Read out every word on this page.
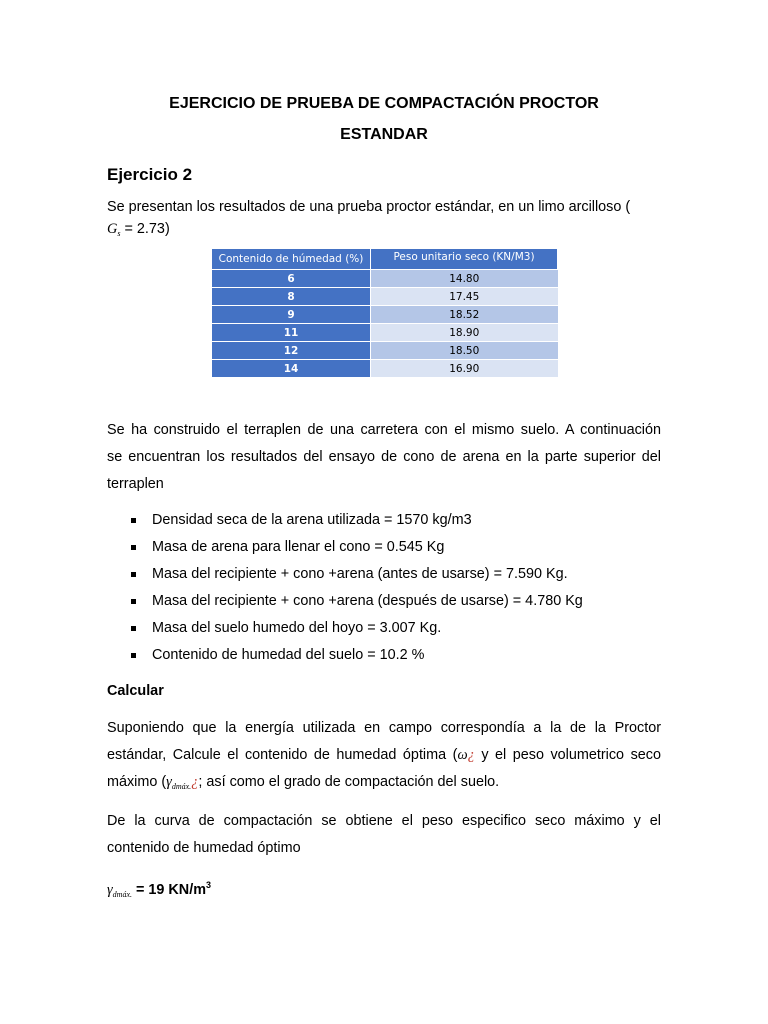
EJERCICIO DE PRUEBA DE COMPACTACIÓN PROCTOR
ESTANDAR
Ejercicio 2
Se presentan los resultados de una prueba proctor estándar, en un limo arcilloso (
$G_s = 2.73$)
Contenido de húmedad (%)	Peso unitario seco (KN/M3)
6	14.80
8	17.45
9	18.52
11	18.90
12	18.50
14	16.90
Se ha construido el terraplen de una carretera con el mismo suelo. A continuación
se encuentran los resultados del ensayo de cono de arena en la parte superior del
terraplen
Densidad seca de la arena utilizada = 1570 kg/m3
Masa de arena para llenar el cono = 0.545 Kg
Masa del recipiente + cono +arena (antes de usarse) = 7.590 Kg.
Masa del recipiente + cono +arena (después de usarse) = 4.780 Kg
Masa del suelo humedo del hoyo = 3.007 Kg.
Contenido de humedad del suelo = 10.2 %
Calcular
Suponiendo que la energía utilizada en campo correspondía a la de la Proctor
estándar, Calcule el contenido de humedad óptima (ω¿ y el peso volumetrico seco
máximo ($\gamma_{dmáx.}¿$; así como el grado de compactación del suelo.
De la curva de compactación se obtiene el peso especifico seco máximo y el
contenido de humedad óptimo
$\gamma_{dmáx.} = 19$ $KN/m^3$
